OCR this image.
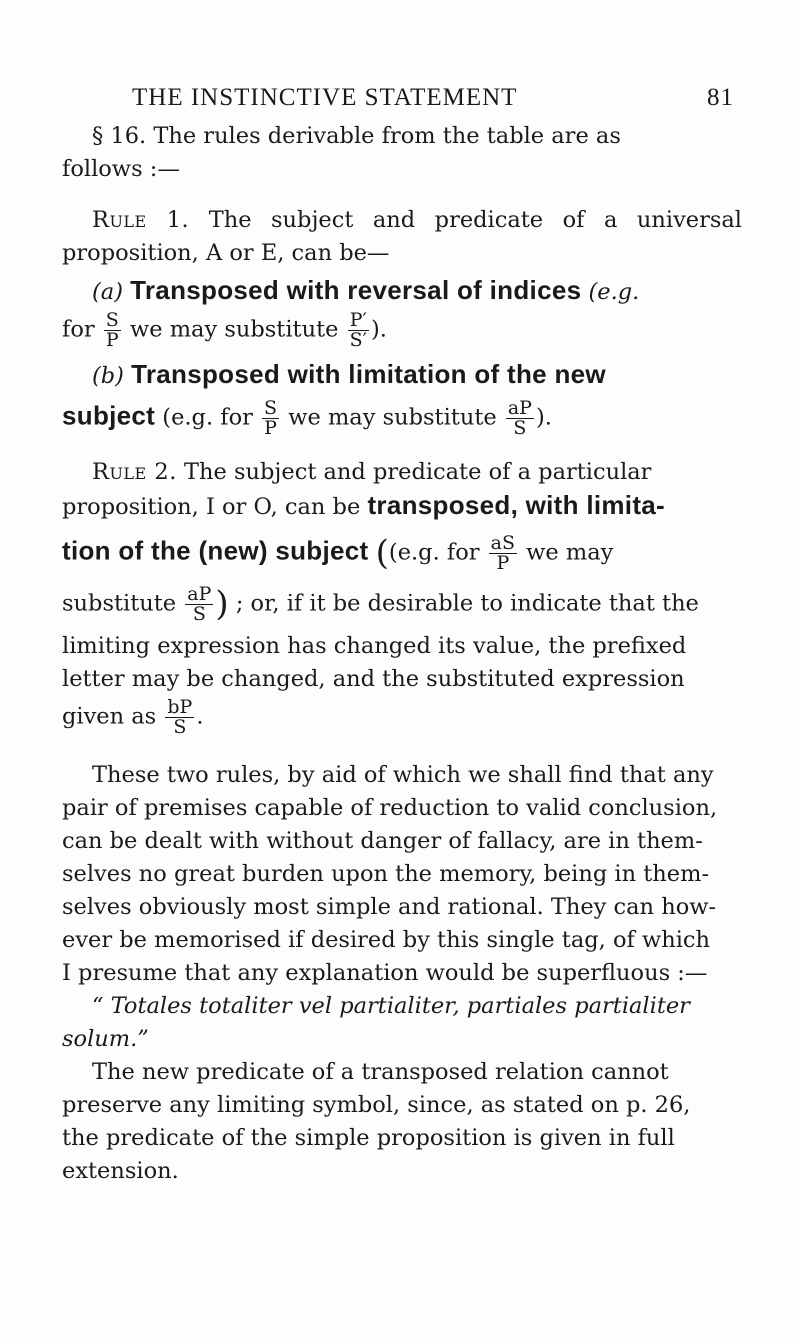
THE INSTINCTIVE STATEMENT	81

§ 16. The rules derivable from the table are as
follows :—

Rule 1. The subject and predicate of a universal proposition, A or E, can be—

(a) Transposed with reversal of indices (e.g.

for $\frac{S}{P}$ we may substitute $\frac{P'}{S'}$ ).

(b) Transposed with limitation of the new

subject (e.g. for $\frac{S}{P}$ we may substitute $\frac{aP}{S}$ ).

Rule 2. The subject and predicate of a particular

proposition, I or O, can be transposed, with limita-

tion of the (new) subject ((e.g. for $\frac{aS}{P}$ we may

substitute $\frac{aP}{S}$ ) ; or, if it be desirable to indicate that the

limiting expression has changed its value, the prefixed
letter may be changed, and the substituted expression

given as $\frac{bP}{S}$ .

These two rules, by aid of which we shall find that any

pair of premises capable of reduction to valid conclusion,
can be dealt with without danger of fallacy, are in them-
selves no great burden upon the memory, being in them-
selves obviously most simple and rational. They can how-
ever be memorised if desired by this single tag, of which
I presume that any explanation would be superfluous :—

“ Totales totaliter vel partialiter, partiales partialiter

solum.”

The new predicate of a transposed relation cannot

preserve any limiting symbol, since, as stated on p. 26,
the predicate of the simple proposition is given in full
extension.
